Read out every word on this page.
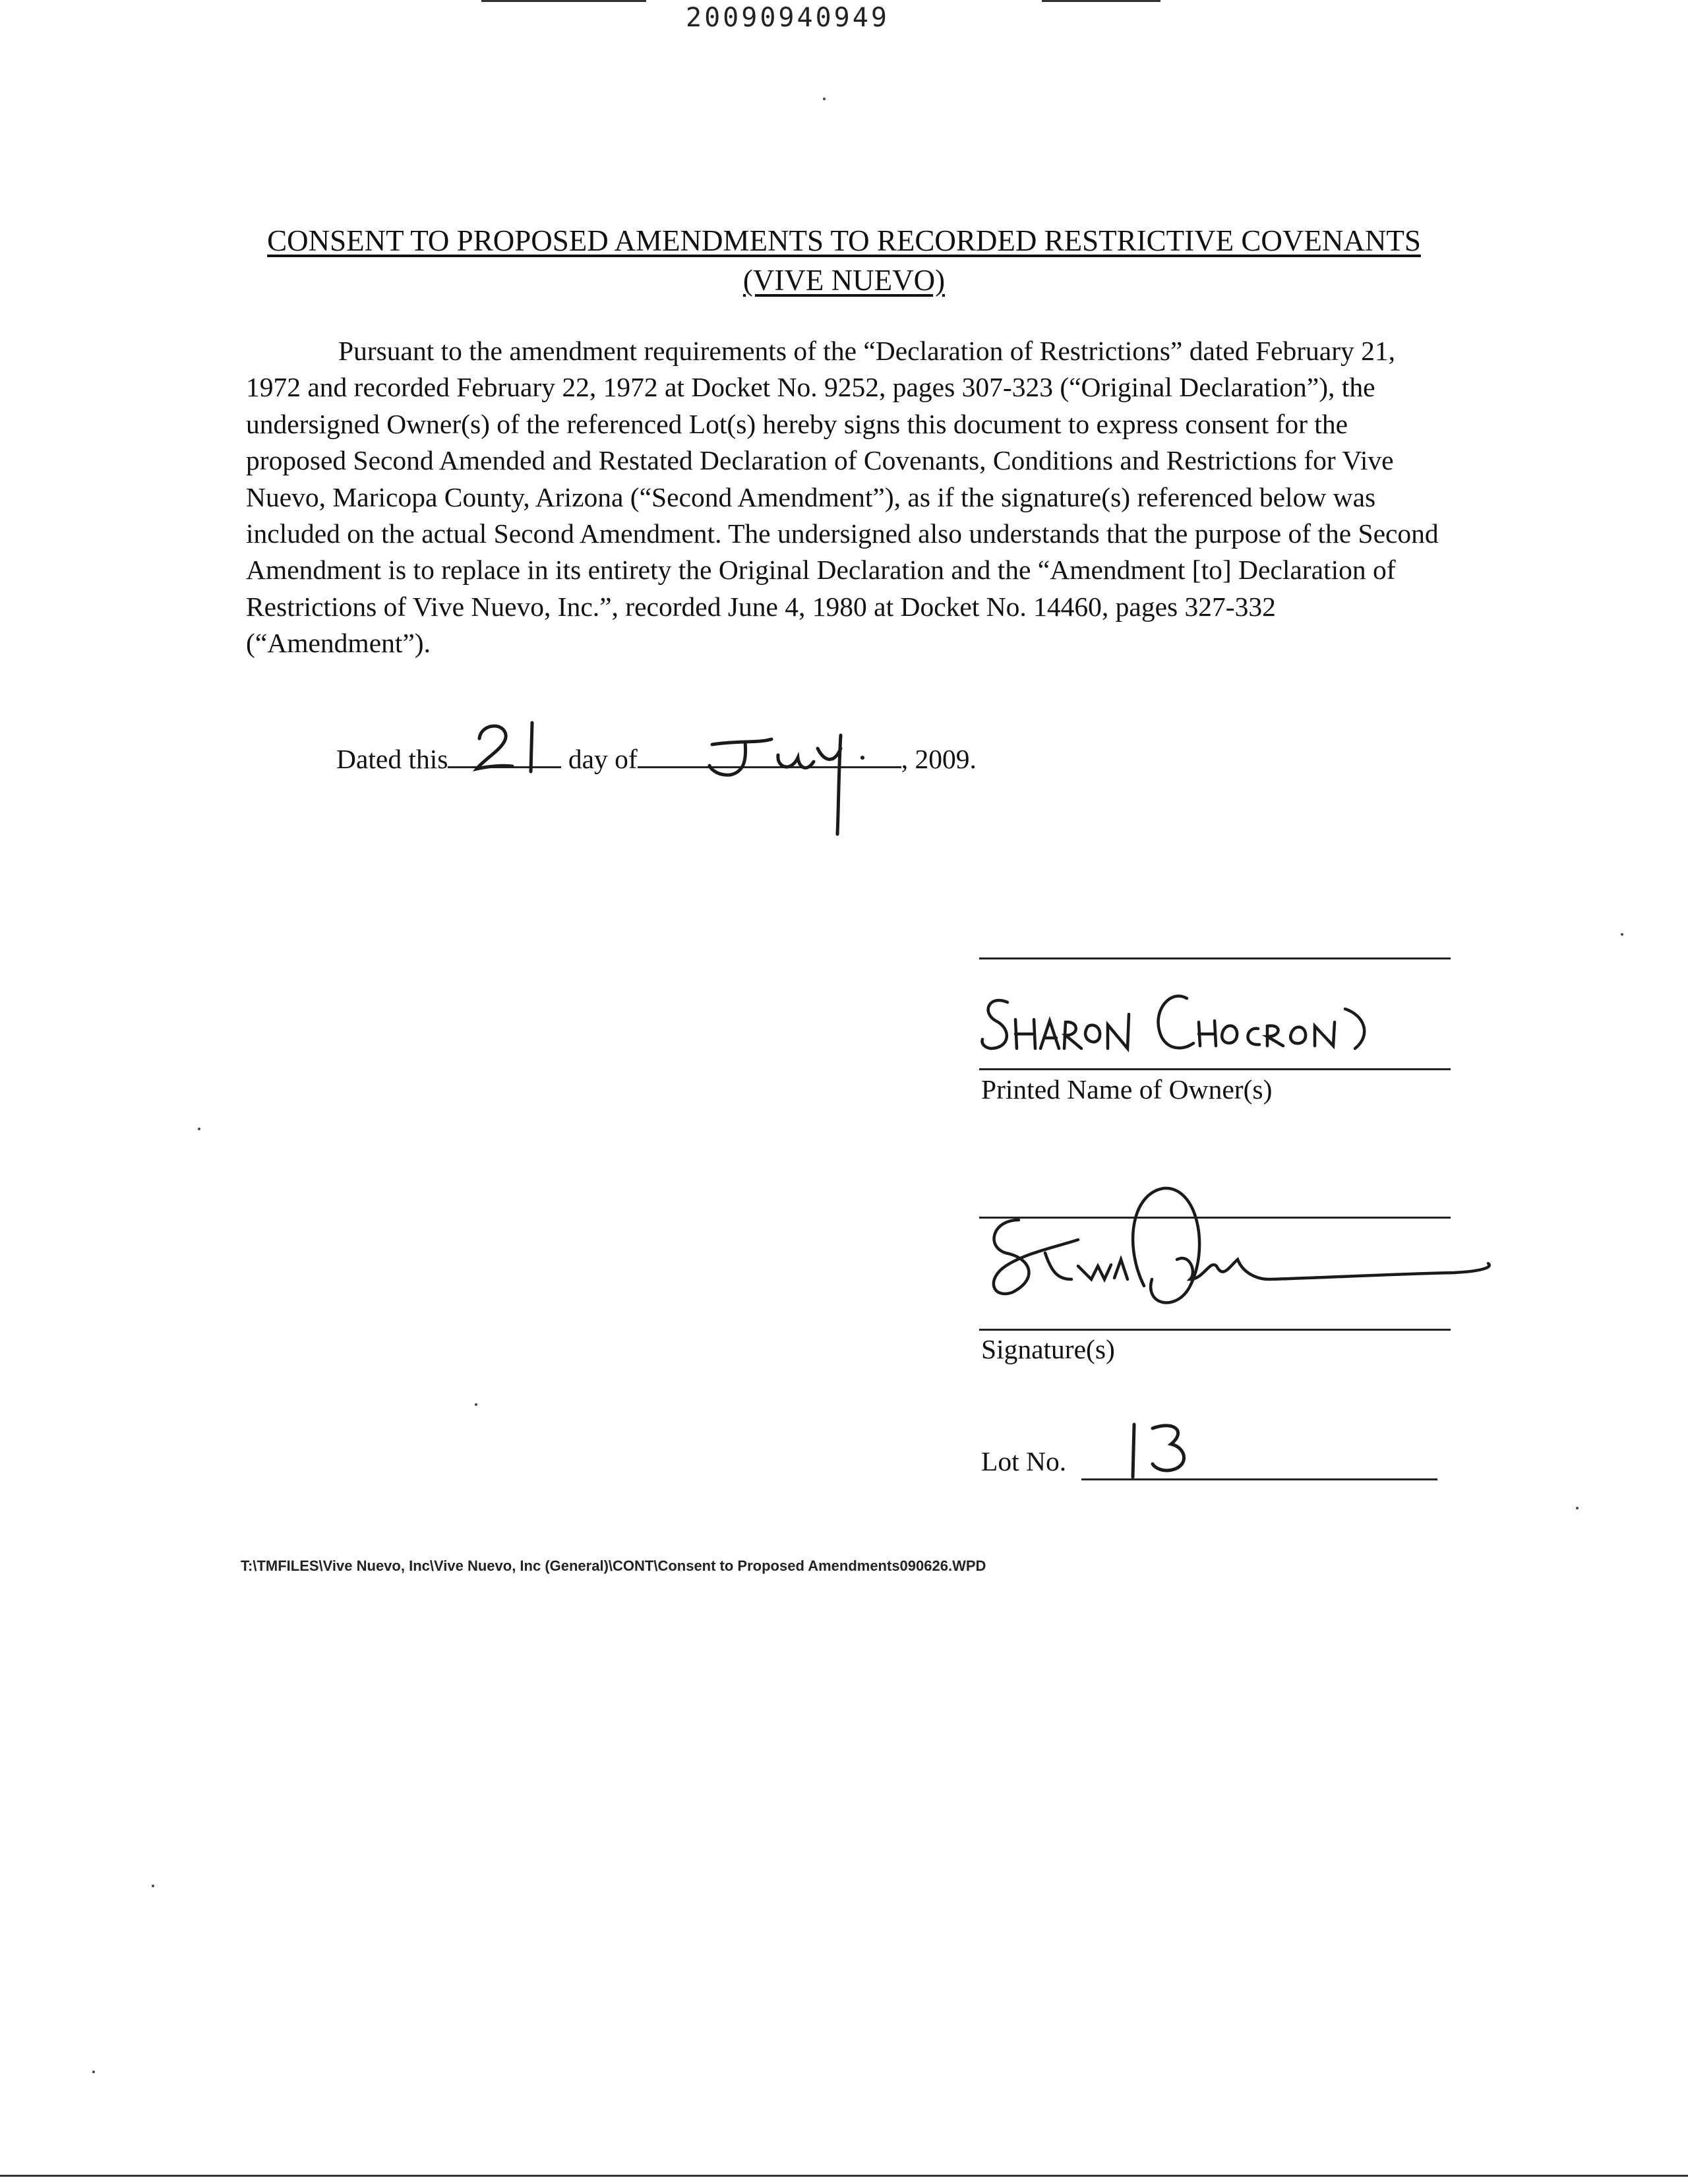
20090940949
CONSENT TO PROPOSED AMENDMENTS TO RECORDED RESTRICTIVE COVENANTS
(VIVE NUEVO)

Pursuant to the amendment requirements of the “Declaration of Restrictions” dated February 21, 1972 and recorded February 22, 1972 at Docket No. 9252, pages 307-323 (“Original Declaration”), the undersigned Owner(s) of the referenced Lot(s) hereby signs this document to express consent for the proposed Second Amended and Restated Declaration of Covenants, Conditions and Restrictions for Vive Nuevo, Maricopa County, Arizona (“Second Amendment”), as if the signature(s) referenced below was included on the actual Second Amendment. The undersigned also understands that the purpose of the Second Amendment is to replace in its entirety the Original Declaration and the “Amendment [to] Declaration of Restrictions of Vive Nuevo, Inc.”, recorded June 4, 1980 at Docket No. 14460, pages 327-332 (“Amendment”).

Dated this	day of	, 2009.
Printed Name of Owner(s)
Signature(s)
Lot No.
T:\TMFILES\Vive Nuevo, Inc\Vive Nuevo, Inc (General)\CONT\Consent to Proposed Amendments090626.WPD
